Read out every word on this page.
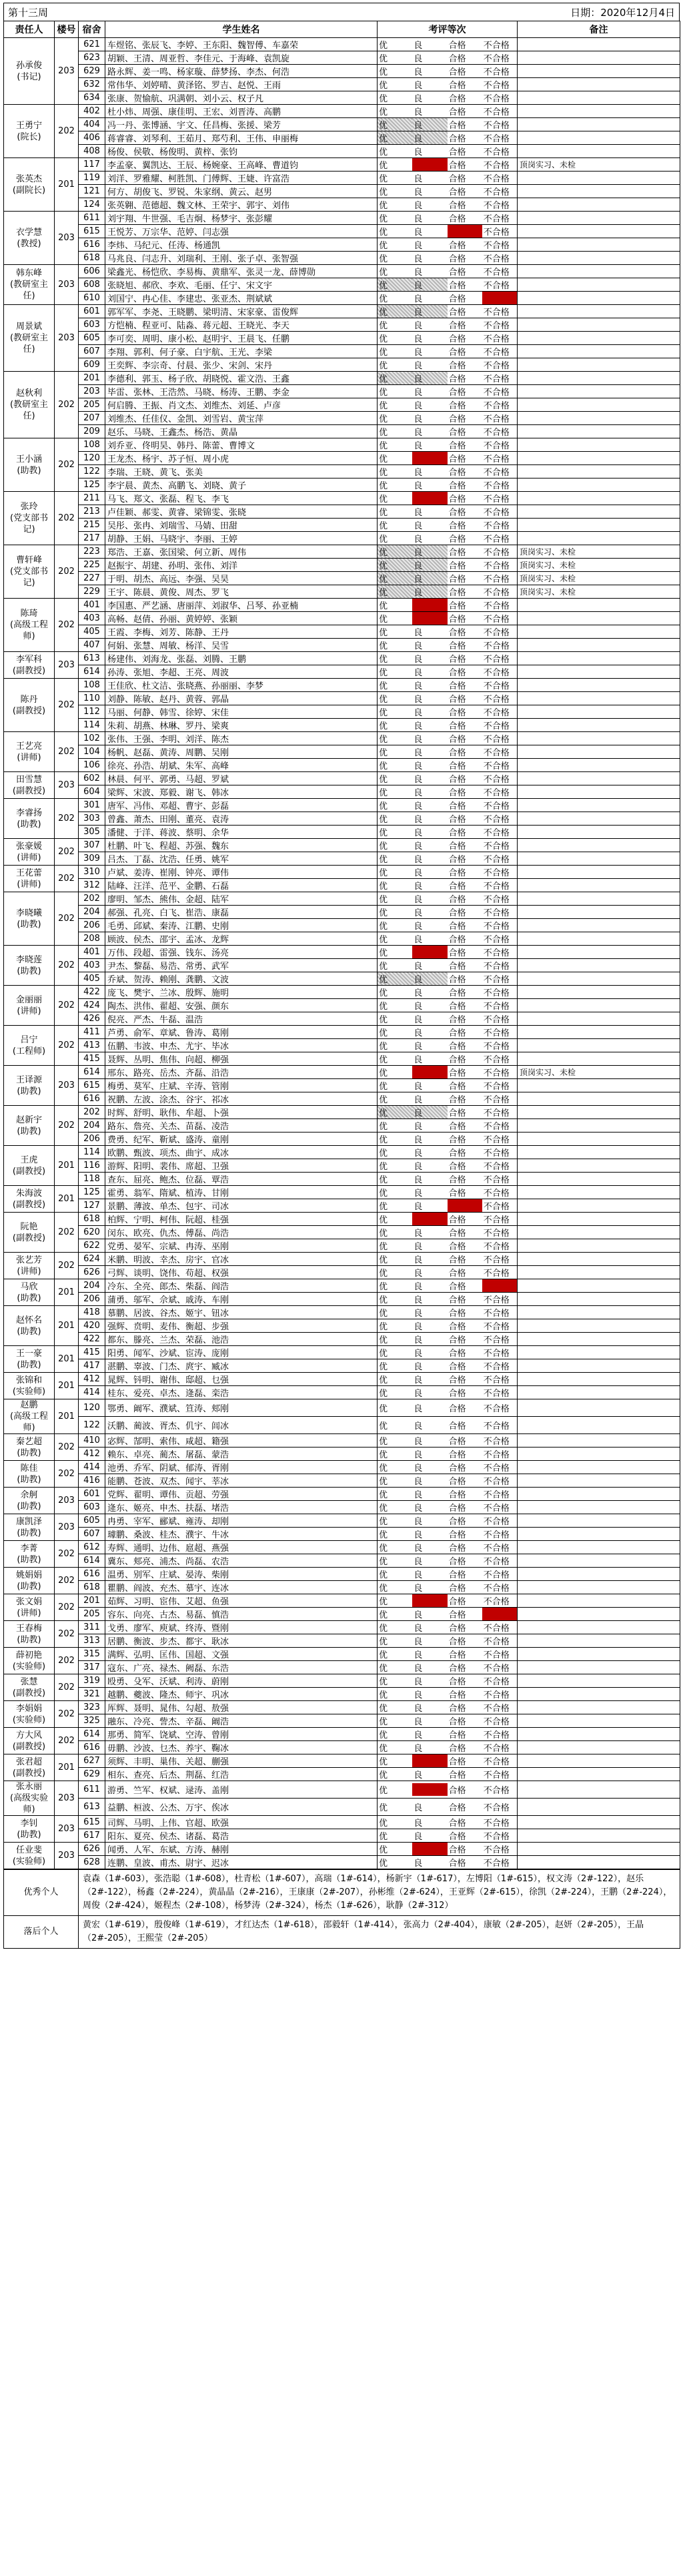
第十三周	日期：2020年12月4日
责任人	楼号	宿舍	学生姓名	考评等次	备注
孙承俊
(书记)	203	621	车煜铭、张辰飞、李婷、王东阳、魏智傅、车嘉荣	优 良 合格 不合格	

		623	胡颖、王清、周亚哲、李佳元、于海峰、袁凯旋	优 良 合格 不合格	

		629	路永辉、姜一鸣、杨家璇、薛梦扬、李杰、何浩	优 良 合格 不合格	

		632	常伟华、刘婷晴、黄泽铭、罗吉、赵悦、王雨	优 良 合格 不合格	

		634	张康、贺愉航、巩满朝、刘小云、权子凡	优 良 合格 不合格	

王勇宁
(院长)	202	402	杜小炜、周强、康佳明、王宏、刘晋涛、高鹏	优 良 合格 不合格	

		404	冯一丹、张博涵、宇文、任昌梅、张援、梁芳	优 良 合格 不合格	

		406	蒋睿睿、刘琴利、王茹月、郑芍利、王伟、申丽梅	优 良 合格 不合格	

		408	杨俊、侯敬、杨俊明、黄梓、张钧	优 良 合格 不合格	

张英杰
(副院长)	201	117	李孟豪、翼凯达、王辰、杨婉豪、王高峰、曹道钧	优 良 合格 不合格	顶岗实习、未检
		119	刘洋、罗雅耀、柯胜凯、门傅辉、王婕、许富浩	优 良 合格 不合格	

		121	何方、胡俊飞、罗锐、朱家纲、黄云、赵男	优 良 合格 不合格	

		124	张英翱、范德超、魏文林、王荣宇、郭宇、刘伟	优 良 合格 不合格	

衣学慧
(教授)	203	611	刘宇翔、牛世强、毛吉炯、杨梦宇、张彭耀	优 良 合格 不合格	

		615	王悦芳、万宗华、范婷、闫志强	优 良 合格 不合格	

		616	李炜、马纪元、任涛、杨通凯	优 良 合格 不合格	

		618	马兆良、闫志升、刘瑞利、王刚、张子卓、张智强	优 良 合格 不合格	

韩东峰
(教研室主任)	203	606	梁鑫光、杨恺欣、李易梅、黄鼎军、张灵一龙、薛博勋	优 良 合格 不合格	

		608	张晓旭、郝欣、李欢、毛丽、任宁、宋文宇	优 良 合格 不合格	

		610	刘国宁、冉心佳、李建忠、张亚杰、荆斌斌	优 良 合格 不合格	

周景斌
(教研室主任)	203	601	郭军军、李尧、王晓鹏、梁明清、宋家豪、雷俊辉	优 良 合格 不合格	

		603	方恺楠、程亚可、陆淼、蒋元超、王晓光、李天	优 良 合格 不合格	

		605	李可奕、周明、康小松、赵明宇、王晨飞、任鹏	优 良 合格 不合格	

		607	李翔、郭利、何子豪、白宇航、王光、李梁	优 良 合格 不合格	

		609	王奕辉、李宗奇、付晨、张少、宋剑、宋丹	优 良 合格 不合格	

赵秋利
(教研室主任)	202	201	李德利、郭玉、杨子欣、胡晓悦、霍文浩、王鑫	优 良 合格 不合格	

		203	毕雷、张林、王浩然、马晓、杨涛、王鹏、李金	优 良 合格 不合格	

		205	何启腾、王振、肖文杰、刘维杰、刘延、卢彦	优 良 合格 不合格	

		207	刘维杰、任佳仪、金凯、刘雪岩、黄宝萍	优 良 合格 不合格	

		209	赵乐、马晓、王鑫杰、杨浩、黄晶	优 良 合格 不合格	

王小涵
(助教)	202	108	刘乔亚、佟明昊、韩丹、陈蕾、曹博文	优 良 合格 不合格	

		120	王龙杰、杨宇、苏子恒、周小虎	优 良 合格 不合格	

		122	李瑞、王晓、黄飞、张美	优 良 合格 不合格	

		125	李宇晨、黄杰、高鹏飞、刘晓、黄子	优 良 合格 不合格	

张玲
(党支部书记)	202	211	马飞、郑文、张磊、程飞、李飞	优 良 合格 不合格	

		213	卢佳颖、郝雯、黄睿、梁锦雯、张晓	优 良 合格 不合格	

		215	吴彤、张冉、刘瑞雪、马婧、田甜	优 良 合格 不合格	

		217	胡静、王娟、马晓宇、李丽、王婷	优 良 合格 不合格	

曹轩峰
(党支部书记)	202	223	郑浩、王嘉、张国梁、何立新、周伟	优 良 合格 不合格	顶岗实习、未检
		225	赵振宇、胡建、孙明、张伟、刘洋	优 良 合格 不合格	顶岗实习、未检
		227	于明、胡杰、高远、李强、吴昊	优 良 合格 不合格	顶岗实习、未检
		229	王宇、陈晨、黄俊、周杰、罗飞	优 良 合格 不合格	顶岗实习、未检
陈琦
(高级工程师)	202	401	李国惠、严艺涵、唐丽萍、刘淑华、吕琴、孙亚楠	优 良 合格 不合格	

		403	高畅、赵倩、孙丽、黄婷婷、张颖	优 良 合格 不合格	

		405	王霞、李梅、刘芳、陈静、王丹	优 良 合格 不合格	

		407	何娟、张慧、周敏、杨洋、吴雪	优 良 合格 不合格	

李军科
(副教授)	203	613	杨建伟、刘海龙、张磊、刘腾、王鹏	优 良 合格 不合格	

		614	孙涛、张旭、李超、王亮、周波	优 良 合格 不合格	

陈丹
(副教授)	202	108	王佳欣、杜文洁、张晓燕、孙丽丽、李梦	优 良 合格 不合格	

		110	刘静、陈敏、赵丹、黄蓉、郭晶	优 良 合格 不合格	

		112	马丽、何静、韩雪、徐婷、宋佳	优 良 合格 不合格	

		114	朱莉、胡燕、林琳、罗丹、梁爽	优 良 合格 不合格	

王艺亮
(讲师)	202	102	张伟、王强、李明、刘洋、陈杰	优 良 合格 不合格	

		104	杨帆、赵磊、黄涛、周鹏、吴刚	优 良 合格 不合格	

		106	徐亮、孙浩、胡斌、朱军、高峰	优 良 合格 不合格	

田雪慧
(副教授)	203	602	林晨、何平、郭勇、马超、罗斌	优 良 合格 不合格	

		604	梁辉、宋波、郑毅、谢飞、韩冰	优 良 合格 不合格	

李睿扬
(助教)	202	301	唐军、冯伟、邓超、曹宇、彭磊	优 良 合格 不合格	

		303	曾鑫、萧杰、田刚、董亮、袁涛	优 良 合格 不合格	

		305	潘健、于洋、蒋波、蔡明、余华	优 良 合格 不合格	

张豪媛
(讲师)	202	307	杜鹏、叶飞、程超、苏强、魏东	优 良 合格 不合格	

		309	吕杰、丁磊、沈浩、任勇、姚军	优 良 合格 不合格	

王花蕾
(讲师)	202	310	卢斌、姜涛、崔刚、钟亮、谭伟	优 良 合格 不合格	

		312	陆峰、汪洋、范平、金鹏、石磊	优 良 合格 不合格	

李晓曦
(助教)	202	202	廖明、邹杰、熊伟、金超、陆军	优 良 合格 不合格	

		204	郝强、孔亮、白飞、崔浩、康磊	优 良 合格 不合格	

		206	毛勇、邱斌、秦涛、江鹏、史刚	优 良 合格 不合格	

		208	顾波、侯杰、邵宇、孟冰、龙辉	优 良 合格 不合格	

李晓莲
(助教)	202	401	万伟、段超、雷强、钱东、汤亮	优 良 合格 不合格	

		403	尹杰、黎磊、易浩、常勇、武军	优 良 合格 不合格	

		405	乔斌、贺涛、赖刚、龚鹏、文波	优 良 合格 不合格	

金丽丽
(讲师)	202	422	庞飞、樊宇、兰冰、殷辉、施明	优 良 合格 不合格	

		424	陶杰、洪伟、翟超、安强、颜东	优 良 合格 不合格	

		426	倪亮、严杰、牛磊、温浩	优 良 合格 不合格	

吕宁
(工程师)	202	411	芦勇、俞军、章斌、鲁涛、葛刚	优 良 合格 不合格	

		413	伍鹏、韦波、申杰、尤宇、毕冰	优 良 合格 不合格	

		415	聂辉、丛明、焦伟、向超、柳强	优 良 合格 不合格	

王译源
(助教)	203	614	邢东、路亮、岳杰、齐磊、沿浩	优 良 合格 不合格	顶岗实习、未检
		615	梅勇、莫军、庄斌、辛涛、管刚	优 良 合格 不合格	

		616	祝鹏、左波、涂杰、谷宇、祁冰	优 良 合格 不合格	

赵新宇
(助教)	202	202	时辉、舒明、耿伟、牟超、卜强	优 良 合格 不合格	

		204	路东、詹亮、关杰、苗磊、凌浩	优 良 合格 不合格	

		206	费勇、纪军、靳斌、盛涛、童刚	优 良 合格 不合格	

王虎
(副教授)	201	114	欧鹏、甄波、项杰、曲宇、成冰	优 良 合格 不合格	

		116	游辉、阳明、裴伟、席超、卫强	优 良 合格 不合格	

		118	查东、屈亮、鲍杰、位磊、覃浩	优 良 合格 不合格	

朱海波
(副教授)	201	125	霍勇、翁军、隋斌、植涛、甘刚	优 良 合格 不合格	

		127	景鹏、薄波、单杰、包宇、司冰	优 良 合格 不合格	

阮艳
(副教授)	202	618	柏辉、宁明、柯伟、阮超、桂强	优 良 合格 不合格	

		620	闵东、欧亮、仇杰、傅磊、尚浩	优 良 合格 不合格	

		622	党勇、晏军、宗斌、冉涛、巫刚	优 良 合格 不合格	

张艺芳
(讲师)	202	624	米鹏、明波、幸杰、房宇、官冰	优 良 合格 不合格	

		626	弓辉、谈明、饶伟、苟超、权强	优 良 合格 不合格	

马欣
(助教)	201	204	冷东、全亮、郎杰、柴磊、阎浩	优 良 合格 不合格	

		206	蒲勇、邬军、佘斌、戚涛、车刚	优 良 合格 不合格	

赵怀名
(助教)	201	418	慕鹏、居波、谷杰、姬宇、钮冰	优 良 合格 不合格	

		420	强辉、贲明、麦伟、衡超、步强	优 良 合格 不合格	

		422	都东、滕亮、兰杰、荣磊、池浩	优 良 合格 不合格	

王一豪
(助教)	201	415	阳勇、闻军、沙斌、宦涛、庞刚	优 良 合格 不合格	

		417	湛鹏、辜波、门杰、庹宇、臧冰	优 良 合格 不合格	

张锦和
(实验师)	201	412	晁辉、钭明、谢伟、邸超、乜强	优 良 合格 不合格	

		414	桂东、爱亮、卓杰、逄磊、栾浩	优 良 合格 不合格	

赵鹏
(高级工程师)	201	120	鄂勇、阚军、濮斌、笪涛、郏刚	优 良 合格 不合格	

		122	沃鹏、蔺波、胥杰、仉宇、闾冰	优 良 合格 不合格	

秦艺超
(助教)	202	410	宓辉、郜明、索伟、咸超、籍强	优 良 合格 不合格	

		412	赖东、卓亮、蔺杰、屠磊、蒙浩	优 良 合格 不合格	

陈佳
(助教)	202	414	池勇、乔军、阴斌、郁涛、胥刚	优 良 合格 不合格	

		416	能鹏、苍波、双杰、闻宇、莘冰	优 良 合格 不合格	

余舸
(助教)	203	601	党辉、翟明、谭伟、贡超、劳强	优 良 合格 不合格	

		603	逄东、姬亮、申杰、扶磊、堵浩	优 良 合格 不合格	

康凯泽
(助教)	203	605	冉勇、宰军、郦斌、雍涛、却刚	优 良 合格 不合格	

		607	璩鹏、桑波、桂杰、濮宇、牛冰	优 良 合格 不合格	

李菁
(助教)	202	612	寿辉、通明、边伟、扈超、燕强	优 良 合格 不合格	

		614	冀东、郏亮、浦杰、尚磊、农浩	优 良 合格 不合格	

姚娟娟
(助教)	202	616	温勇、别军、庄斌、晏涛、柴刚	优 良 合格 不合格	

		618	瞿鹏、阎波、充杰、慕宇、连冰	优 良 合格 不合格	

张文娟
(讲师)	202	201	茹辉、习明、宦伟、艾超、鱼强	优 良 合格 不合格	

		205	容东、向亮、古杰、易磊、慎浩	优 良 合格 不合格	

王春梅
(助教)	202	311	戈勇、廖军、庾斌、终涛、暨刚	优 良 合格 不合格	

		313	居鹏、衡波、步杰、都宇、耿冰	优 良 合格 不合格	

薛初艳
(实验师)	202	315	满辉、弘明、匡伟、国超、文强	优 良 合格 不合格	

		317	寇东、广亮、禄杰、阙磊、东浩	优 良 合格 不合格	

张慧
(副教授)	202	319	殴勇、殳军、沃斌、利涛、蔚刚	优 良 合格 不合格	

		321	越鹏、夔波、隆杰、师宇、巩冰	优 良 合格 不合格	

李娟娟
(实验师)	202	323	厍辉、聂明、晁伟、勾超、敖强	优 良 合格 不合格	

		325	融东、冷亮、訾杰、辛磊、阚浩	优 良 合格 不合格	

方大风
(副教授)	202	614	那勇、简军、饶斌、空涛、曾刚	优 良 合格 不合格	

		616	毋鹏、沙波、乜杰、养宇、鞠冰	优 良 合格 不合格	

张君超
(副教授)	201	627	须辉、丰明、巢伟、关超、蒯强	优 良 合格 不合格	

		629	相东、查亮、后杰、荆磊、红浩	优 良 合格 不合格	

张永丽
(高级实验师)	203	611	游勇、竺军、权斌、逯涛、盖刚	优 良 合格 不合格	

		613	益鹏、桓波、公杰、万宇、俟冰	优 良 合格 不合格	

李钊
(助教)	203	615	司辉、马明、上伟、官超、欧强	优 良 合格 不合格	

		617	阳东、夏亮、侯杰、诸磊、葛浩	优 良 合格 不合格	

任业斐
(实验师)	203	626	闻勇、人军、东斌、方涛、赫刚	优 良 合格 不合格	

		628	连鹏、皇波、甫杰、尉宇、迟冰	优 良 合格 不合格	

优秀个人	袁森（1#-603），张浩聪（1#-608），杜青松（1#-607），高瑞（1#-614），杨新宇（1#-617），左博阳（1#-615），权文涛（2#-122），赵乐（2#-122），杨鑫（2#-224），黄晶晶（2#-216），王康康（2#-207），孙彬维（2#-624），王亚辉（2#-615），徐凯（2#-224），王鹏（2#-224），周俊（2#-424），姬程杰（2#-108），杨梦涛（2#-324），杨杰（1#-626），耿静（2#-312）
落后个人	黄宏（1#-619），殷俊峰（1#-619），才红达杰（1#-618），邵毅轩（1#-414），张高力（2#-404），康敏（2#-205），赵妍（2#-205），王晶（2#-205），王熙莹（2#-205）
